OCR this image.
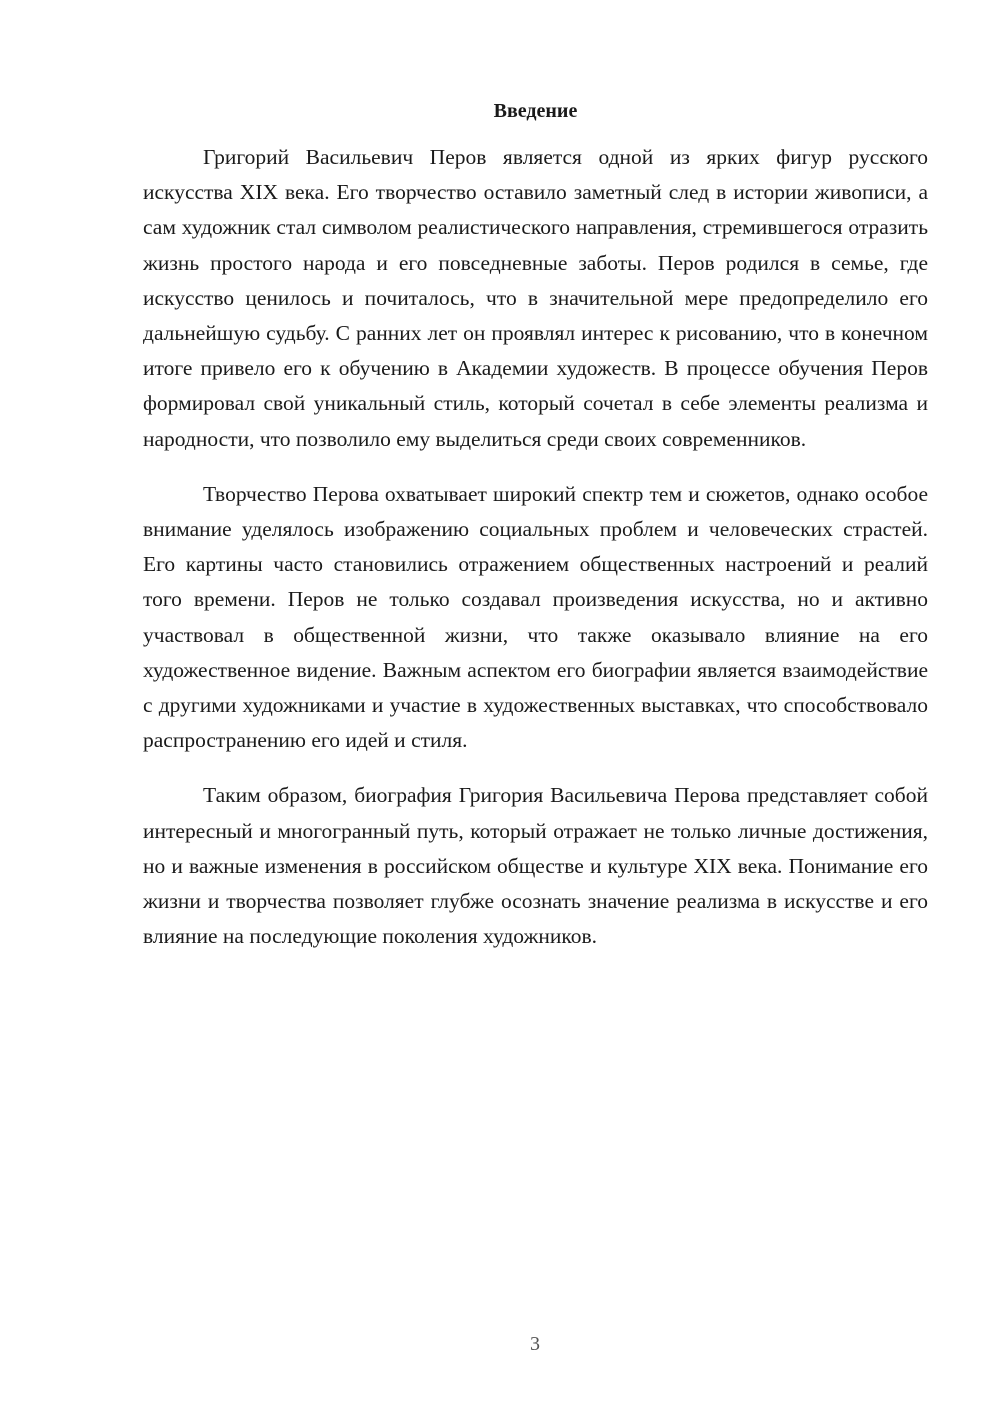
Введение

Григорий Васильевич Перов является одной из ярких фигур русского искусства XIX века. Его творчество оставило заметный след в истории живописи, а сам художник стал символом реалистического направления, стремившегося отразить жизнь простого народа и его повседневные заботы. Перов родился в семье, где искусство ценилось и почиталось, что в значительной мере предопределило его дальнейшую судьбу. С ранних лет он проявлял интерес к рисованию, что в конечном итоге привело его к обучению в Академии художеств. В процессе обучения Перов формировал свой уникальный стиль, который сочетал в себе элементы реализма и народности, что позволило ему выделиться среди своих современников.

Творчество Перова охватывает широкий спектр тем и сюжетов, однако особое внимание уделялось изображению социальных проблем и человеческих страстей. Его картины часто становились отражением общественных настроений и реалий того времени. Перов не только создавал произведения искусства, но и активно участвовал в общественной жизни, что также оказывало влияние на его художественное видение. Важным аспектом его биографии является взаимодействие с другими художниками и участие в художественных выставках, что способствовало распространению его идей и стиля.

Таким образом, биография Григория Васильевича Перова представляет собой интересный и многогранный путь, который отражает не только личные достижения, но и важные изменения в российском обществе и культуре XIX века. Понимание его жизни и творчества позволяет глубже осознать значение реализма в искусстве и его влияние на последующие поколения художников.

3
